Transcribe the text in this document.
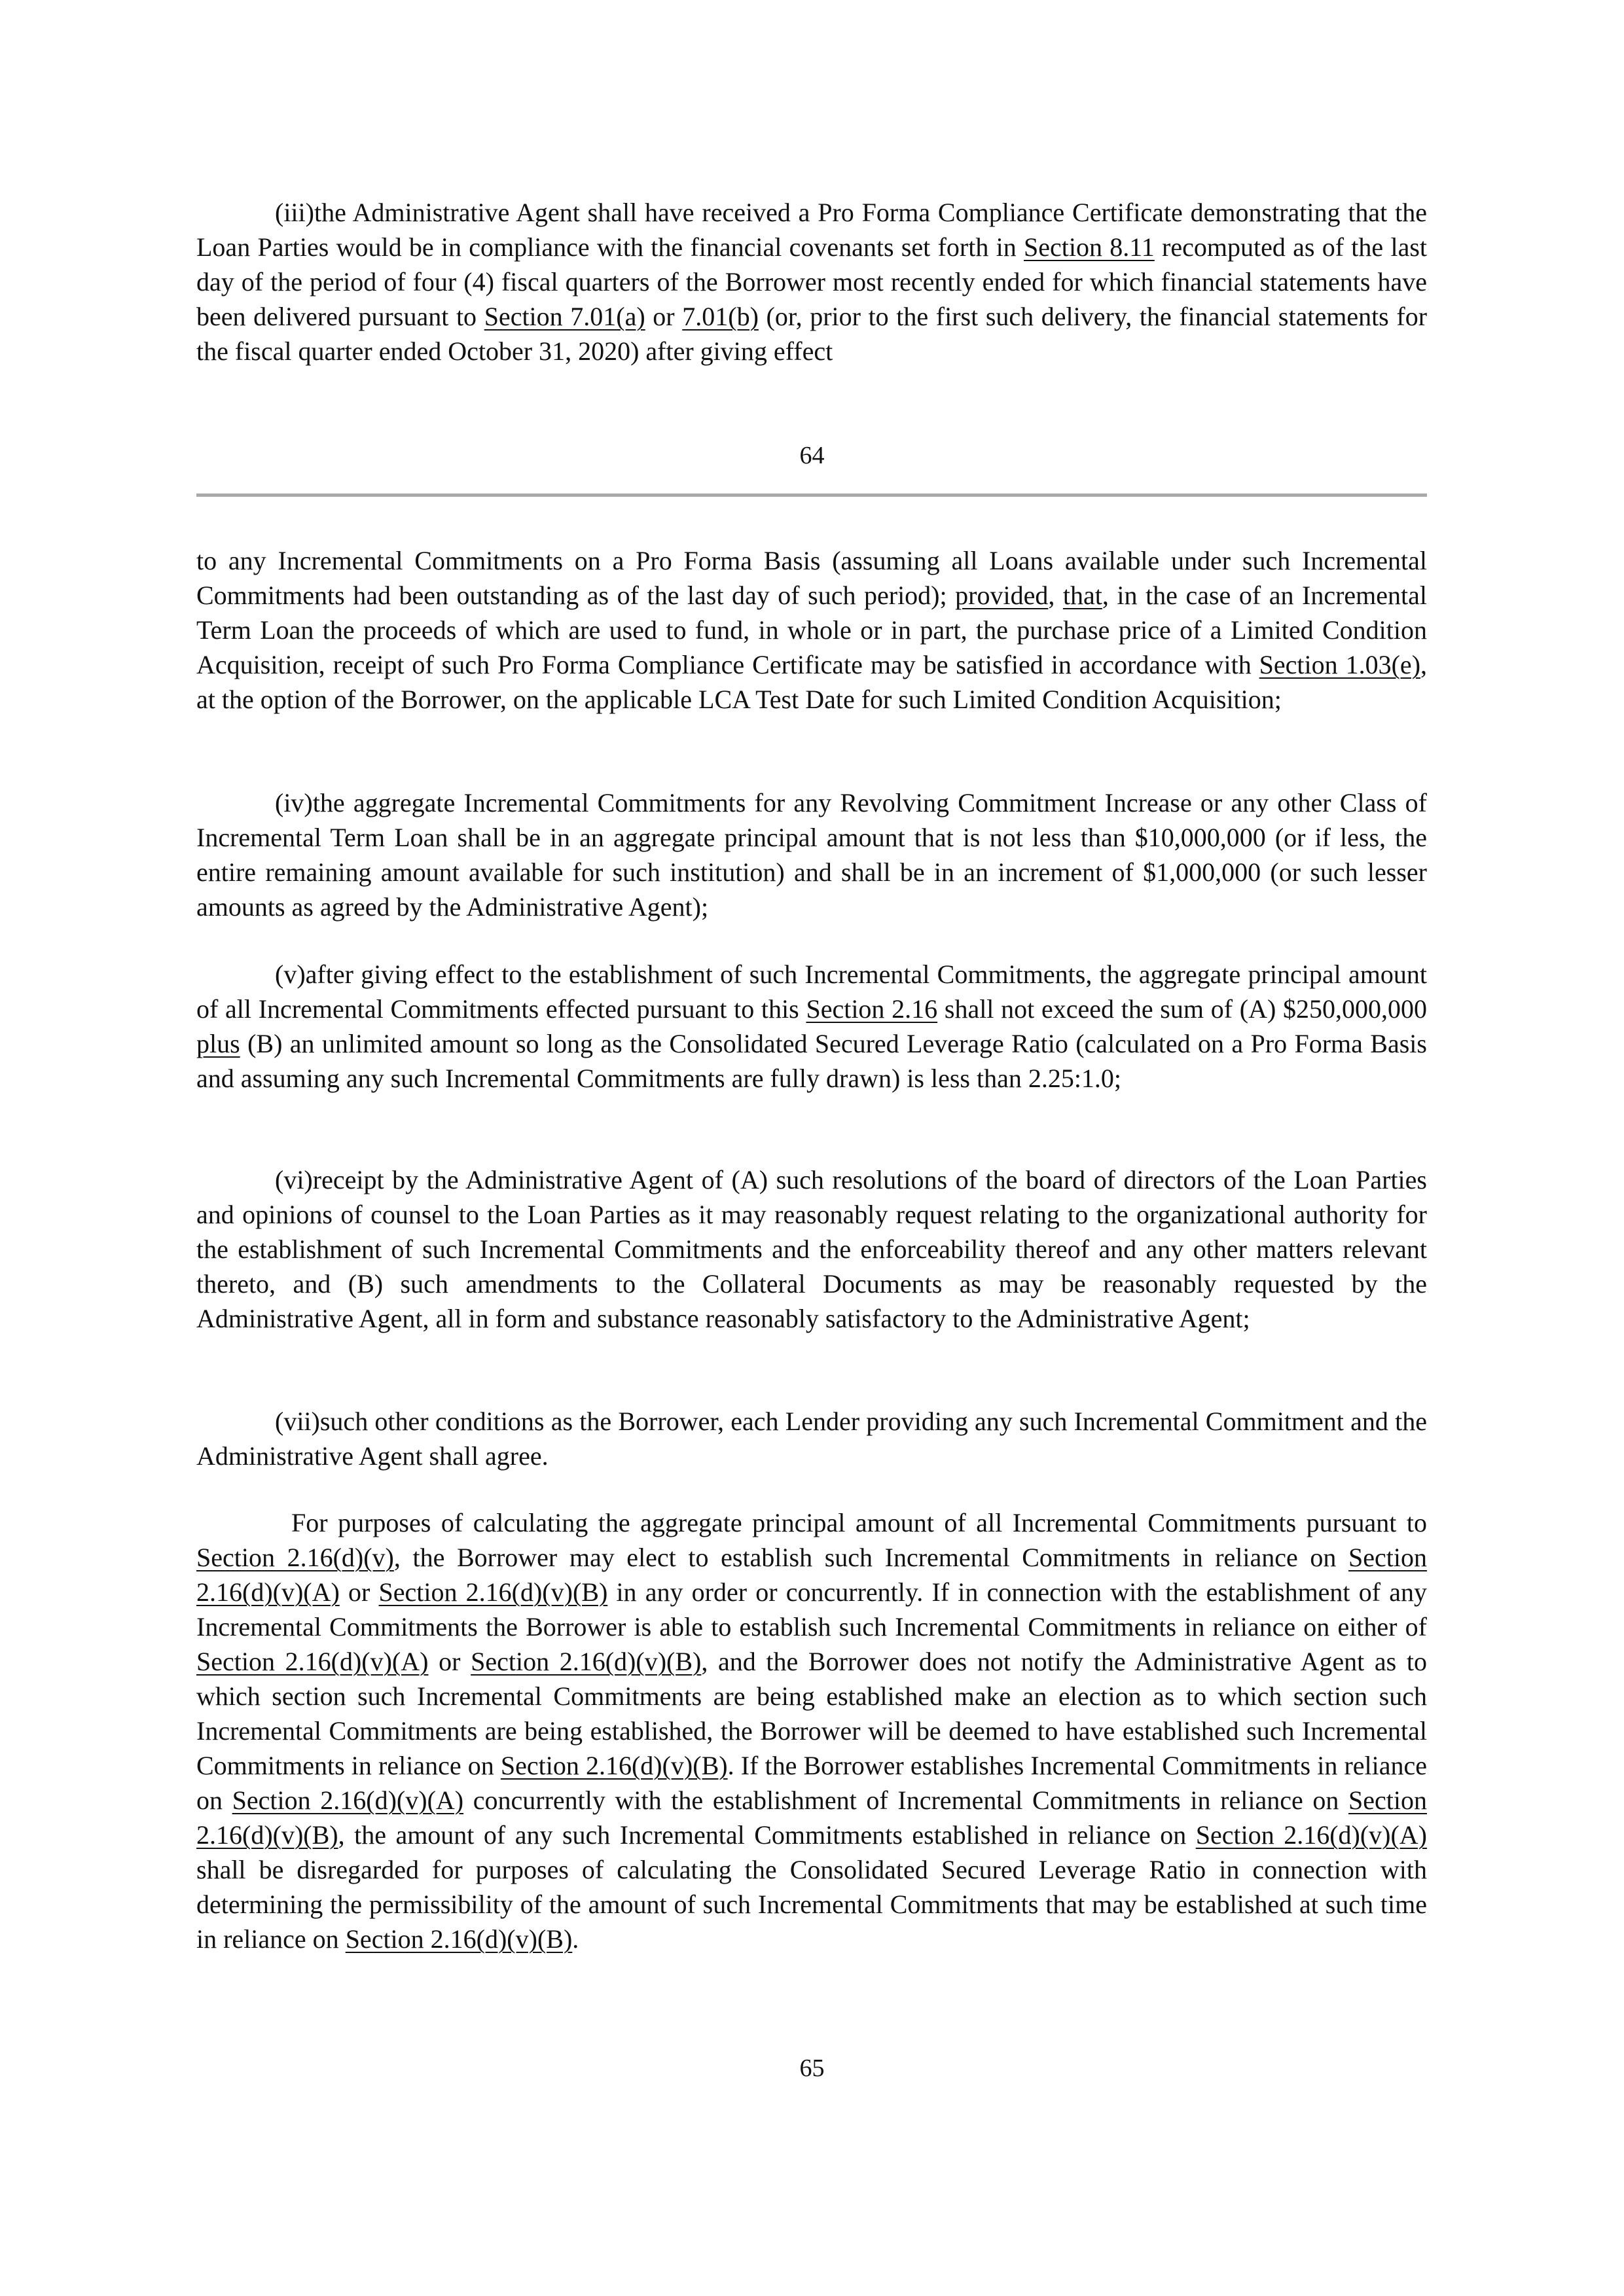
(iii)the Administrative Agent shall have received a Pro Forma Compliance Certificate demonstrating that the Loan Parties would be in compliance with the financial covenants set forth in Section 8.11 recomputed as of the last day of the period of four (4) fiscal quarters of the Borrower most recently ended for which financial statements have been delivered pursuant to Section 7.01(a) or 7.01(b) (or, prior to the first such delivery, the financial statements for the fiscal quarter ended October 31, 2020) after giving effect

64

to any Incremental Commitments on a Pro Forma Basis (assuming all Loans available under such Incremental Commitments had been outstanding as of the last day of such period); provided, that, in the case of an Incremental Term Loan the proceeds of which are used to fund, in whole or in part, the purchase price of a Limited Condition Acquisition, receipt of such Pro Forma Compliance Certificate may be satisfied in accordance with Section 1.03(e), at the option of the Borrower, on the applicable LCA Test Date for such Limited Condition Acquisition;

(iv)the aggregate Incremental Commitments for any Revolving Commitment Increase or any other Class of Incremental Term Loan shall be in an aggregate principal amount that is not less than $10,000,000 (or if less, the entire remaining amount available for such institution) and shall be in an increment of $1,000,000 (or such lesser amounts as agreed by the Administrative Agent);

(v)after giving effect to the establishment of such Incremental Commitments, the aggregate principal amount of all Incremental Commitments effected pursuant to this Section 2.16 shall not exceed the sum of (A) $250,000,000 plus (B) an unlimited amount so long as the Consolidated Secured Leverage Ratio (calculated on a Pro Forma Basis and assuming any such Incremental Commitments are fully drawn) is less than 2.25:1.0;

(vi)receipt by the Administrative Agent of (A) such resolutions of the board of directors of the Loan Parties and opinions of counsel to the Loan Parties as it may reasonably request relating to the organizational authority for the establishment of such Incremental Commitments and the enforceability thereof and any other matters relevant thereto, and (B) such amendments to the Collateral Documents as may be reasonably requested by the Administrative Agent, all in form and substance reasonably satisfactory to the Administrative Agent;

(vii)such other conditions as the Borrower, each Lender providing any such Incremental Commitment and the Administrative Agent shall agree.

For purposes of calculating the aggregate principal amount of all Incremental Commitments pursuant to Section 2.16(d)(v), the Borrower may elect to establish such Incremental Commitments in reliance on Section 2.16(d)(v)(A) or Section 2.16(d)(v)(B) in any order or concurrently. If in connection with the establishment of any Incremental Commitments the Borrower is able to establish such Incremental Commitments in reliance on either of Section 2.16(d)(v)(A) or Section 2.16(d)(v)(B), and the Borrower does not notify the Administrative Agent as to which section such Incremental Commitments are being established make an election as to which section such Incremental Commitments are being established, the Borrower will be deemed to have established such Incremental Commitments in reliance on Section 2.16(d)(v)(B). If the Borrower establishes Incremental Commitments in reliance on Section 2.16(d)(v)(A) concurrently with the establishment of Incremental Commitments in reliance on Section 2.16(d)(v)(B), the amount of any such Incremental Commitments established in reliance on Section 2.16(d)(v)(A) shall be disregarded for purposes of calculating the Consolidated Secured Leverage Ratio in connection with determining the permissibility of the amount of such Incremental Commitments that may be established at such time in reliance on Section 2.16(d)(v)(B).

65
